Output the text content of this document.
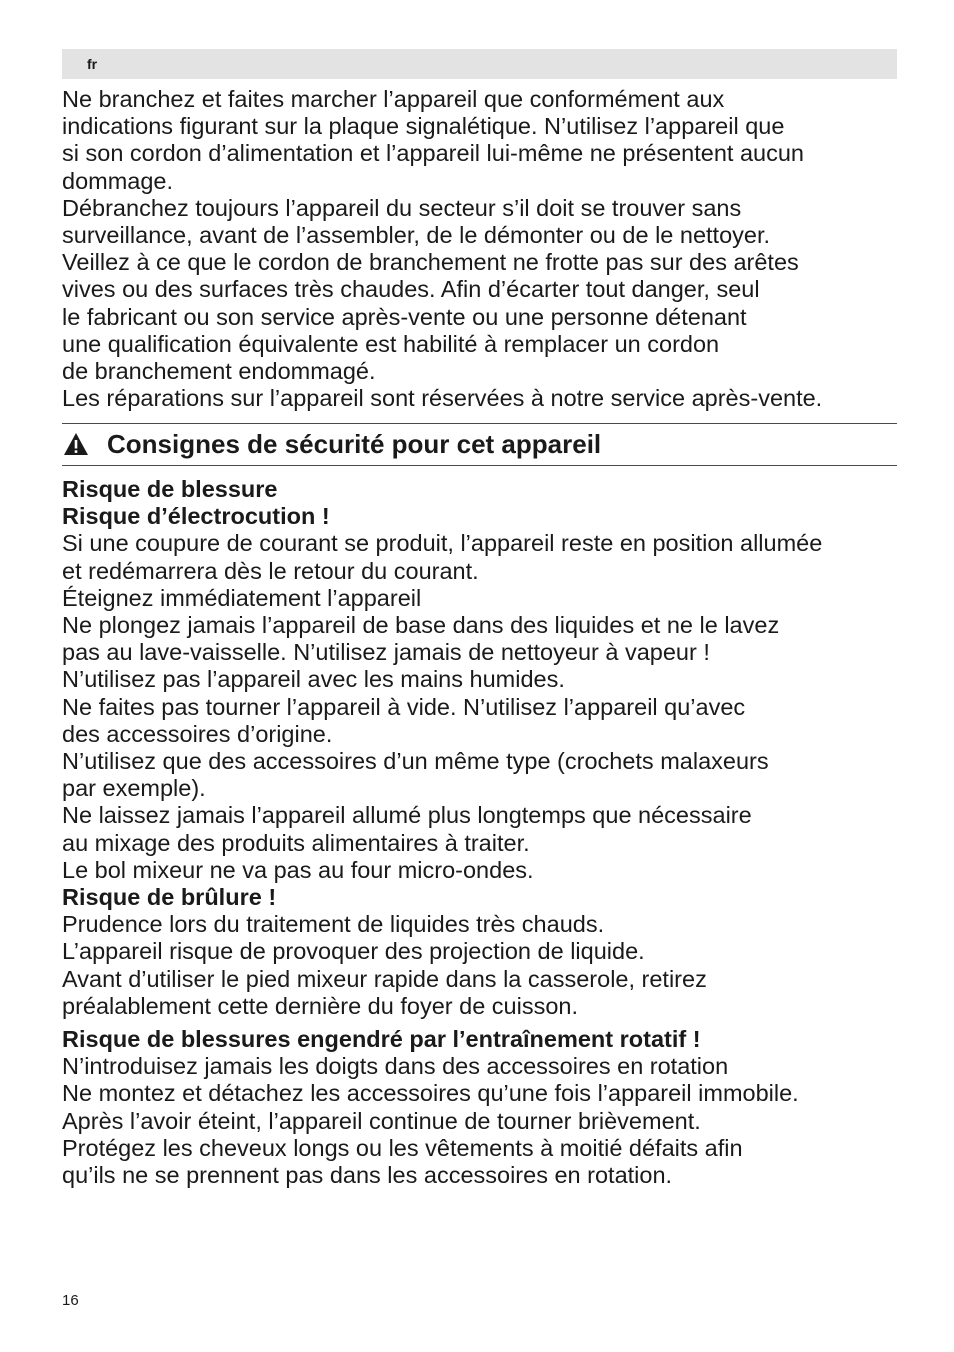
fr

Ne branchez et faites marcher l’appareil que conformément aux
indications figurant sur la plaque signalétique. N’utilisez l’appareil que
si son cordon d’alimentation et l’appareil lui-même ne présentent aucun
dommage.

Débranchez toujours l’appareil du secteur s’il doit se trouver sans
surveillance, avant de l’assembler, de le démonter ou de le nettoyer.

Veillez à ce que le cordon de branchement ne frotte pas sur des arêtes
vives ou des surfaces très chaudes. Afin d’écarter tout danger, seul
le fabricant ou son service après-vente ou une personne détenant
une qualification équivalente est habilité à remplacer un cordon
de branchement endommagé.

Les réparations sur l’appareil sont réservées à notre service après-vente.

Consignes de sécurité pour cet appareil

Risque de blessure

Risque d’électrocution !

Si une coupure de courant se produit, l’appareil reste en position allumée
et redémarrera dès le retour du courant.

Éteignez immédiatement l’appareil

Ne plongez jamais l’appareil de base dans des liquides et ne le lavez
pas au lave-vaisselle. N’utilisez jamais de nettoyeur à vapeur !

N’utilisez pas l’appareil avec les mains humides.

Ne faites pas tourner l’appareil à vide. N’utilisez l’appareil qu’avec
des accessoires d’origine.

N’utilisez que des accessoires d’un même type (crochets malaxeurs
par exemple).

Ne laissez jamais l’appareil allumé plus longtemps que nécessaire
au mixage des produits alimentaires à traiter.

Le bol mixeur ne va pas au four micro-ondes.

Risque de brûlure !

Prudence lors du traitement de liquides très chauds.

L’appareil risque de provoquer des projection de liquide.

Avant d’utiliser le pied mixeur rapide dans la casserole, retirez
préalablement cette dernière du foyer de cuisson.

Risque de blessures engendré par l’entraînement rotatif !

N’introduisez jamais les doigts dans des accessoires en rotation

Ne montez et détachez les accessoires qu’une fois l’appareil immobile.

Après l’avoir éteint, l’appareil continue de tourner brièvement.

Protégez les cheveux longs ou les vêtements à moitié défaits afin
qu’ils ne se prennent pas dans les accessoires en rotation.

16
